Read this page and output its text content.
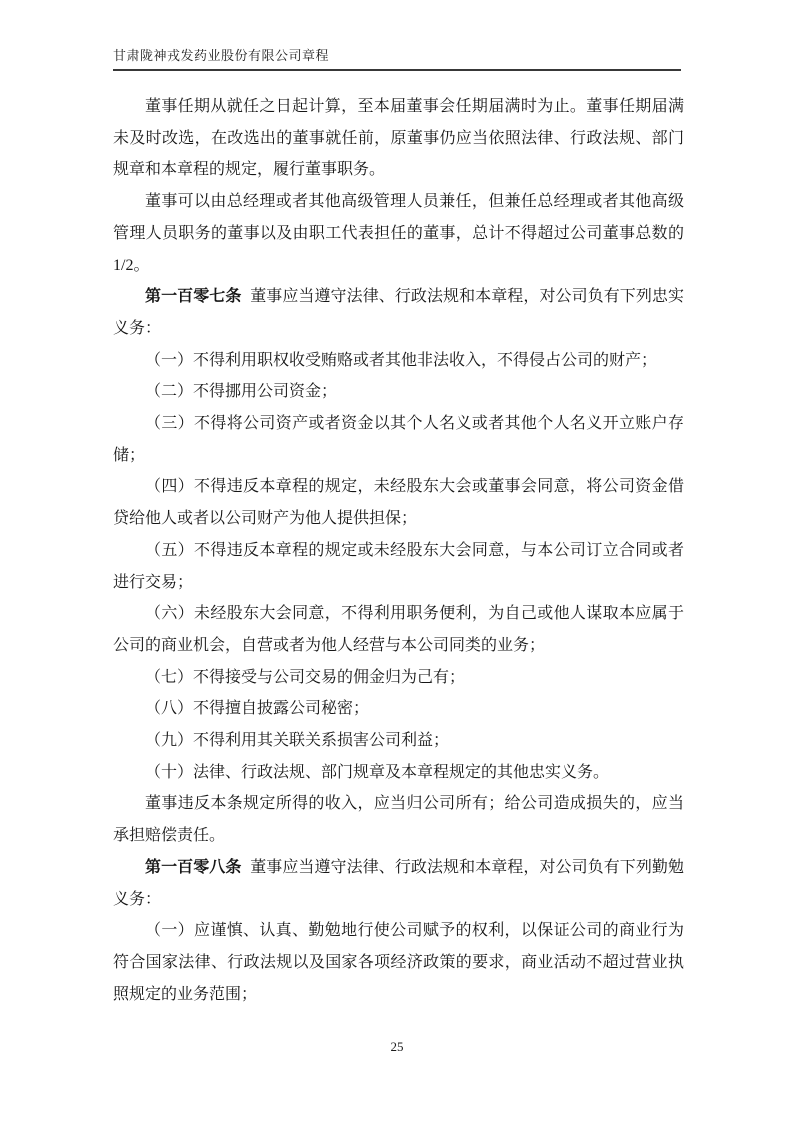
甘肃陇神戎发药业股份有限公司章程

董事任期从就任之日起计算，至本届董事会任期届满时为止。董事任期届满未及时改选，在改选出的董事就任前，原董事仍应当依照法律、行政法规、部门规章和本章程的规定，履行董事职务。

董事可以由总经理或者其他高级管理人员兼任，但兼任总经理或者其他高级管理人员职务的董事以及由职工代表担任的董事，总计不得超过公司董事总数的1/2。

第一百零七条 董事应当遵守法律、行政法规和本章程，对公司负有下列忠实义务：

（一）不得利用职权收受贿赂或者其他非法收入，不得侵占公司的财产；

（二）不得挪用公司资金；

（三）不得将公司资产或者资金以其个人名义或者其他个人名义开立账户存储；

（四）不得违反本章程的规定，未经股东大会或董事会同意，将公司资金借贷给他人或者以公司财产为他人提供担保；

（五）不得违反本章程的规定或未经股东大会同意，与本公司订立合同或者进行交易；

（六）未经股东大会同意，不得利用职务便利，为自己或他人谋取本应属于公司的商业机会，自营或者为他人经营与本公司同类的业务；

（七）不得接受与公司交易的佣金归为己有；

（八）不得擅自披露公司秘密；

（九）不得利用其关联关系损害公司利益；

（十）法律、行政法规、部门规章及本章程规定的其他忠实义务。

董事违反本条规定所得的收入，应当归公司所有；给公司造成损失的，应当承担赔偿责任。

第一百零八条 董事应当遵守法律、行政法规和本章程，对公司负有下列勤勉义务：

（一）应谨慎、认真、勤勉地行使公司赋予的权利，以保证公司的商业行为符合国家法律、行政法规以及国家各项经济政策的要求，商业活动不超过营业执照规定的业务范围；

25
